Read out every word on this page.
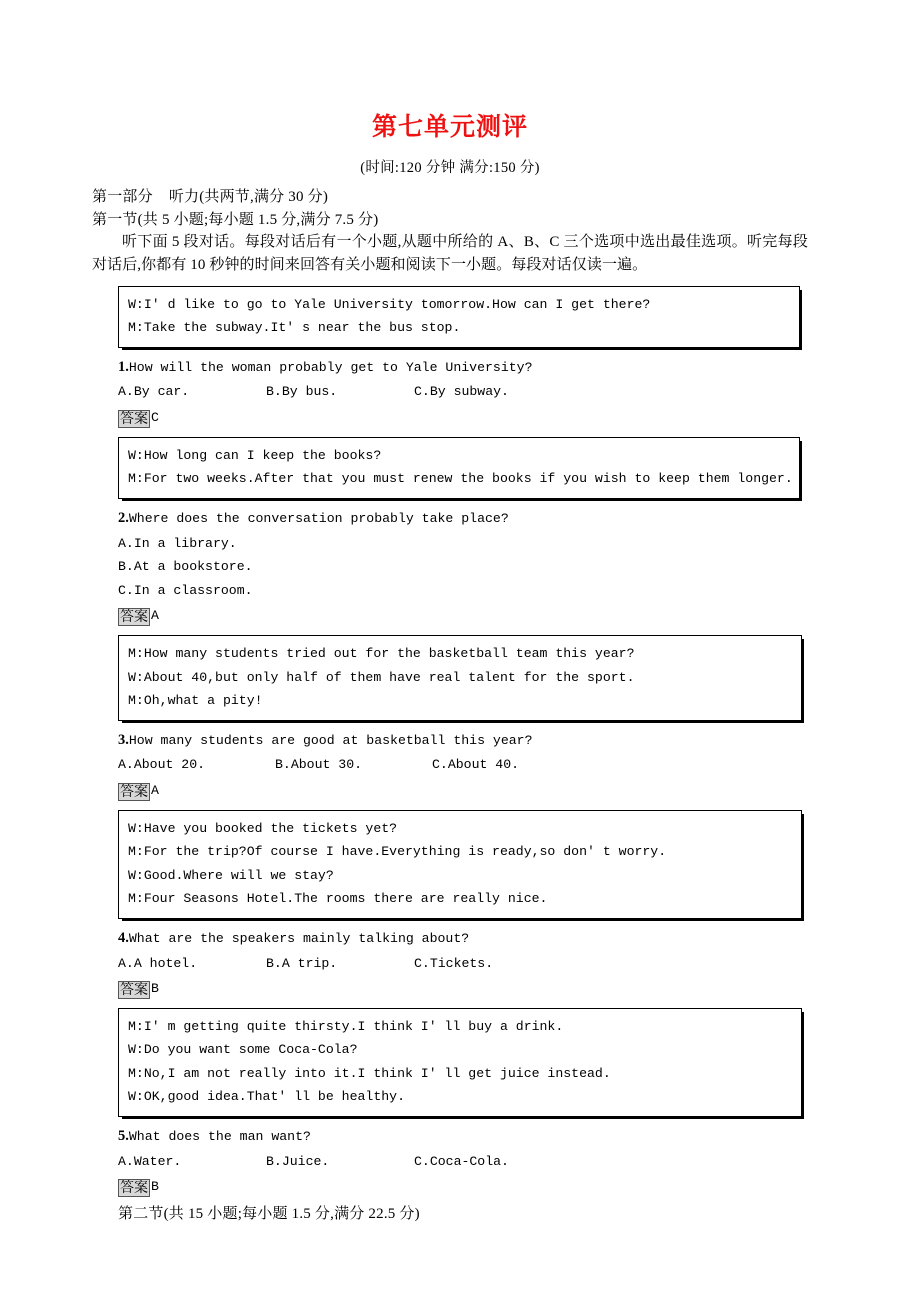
第七单元测评
(时间:120 分钟 满分:150 分)

第一部分 听力(共两节,满分 30 分)

第一节(共 5 小题;每小题 1.5 分,满分 7.5 分)

听下面 5 段对话。每段对话后有一个小题,从题中所给的 A、B、C 三个选项中选出最佳选项。听完每段对话后,你都有 10 秒钟的时间来回答有关小题和阅读下一小题。每段对话仅读一遍。

W:I' d like to go to Yale University tomorrow.How can I get there?
M:Take the subway.It' s near the bus stop.
1.How will the woman probably get to Yale University?
A.By car.	B.By bus.	C.By subway.
答案 C
W:How long can I keep the books?
M:For two weeks.After that you must renew the books if you wish to keep them longer.
2.Where does the conversation probably take place?
A.In a library.
B.At a bookstore.
C.In a classroom.
答案 A
M:How many students tried out for the basketball team this year?
W:About 40,but only half of them have real talent for the sport.
M:Oh,what a pity!
3.How many students are good at basketball this year?
A.About 20.	B.About 30.	C.About 40.
答案 A
W:Have you booked the tickets yet?
M:For the trip?Of course I have.Everything is ready,so don' t worry.
W:Good.Where will we stay?
M:Four Seasons Hotel.The rooms there are really nice.
4.What are the speakers mainly talking about?
A.A hotel.	B.A trip.	C.Tickets.
答案 B
M:I' m getting quite thirsty.I think I' ll buy a drink.
W:Do you want some Coca-Cola?
M:No,I am not really into it.I think I' ll get juice instead.
W:OK,good idea.That' ll be healthy.
5.What does the man want?
A.Water.	B.Juice.	C.Coca-Cola.
答案 B

第二节(共 15 小题;每小题 1.5 分,满分 22.5 分)
